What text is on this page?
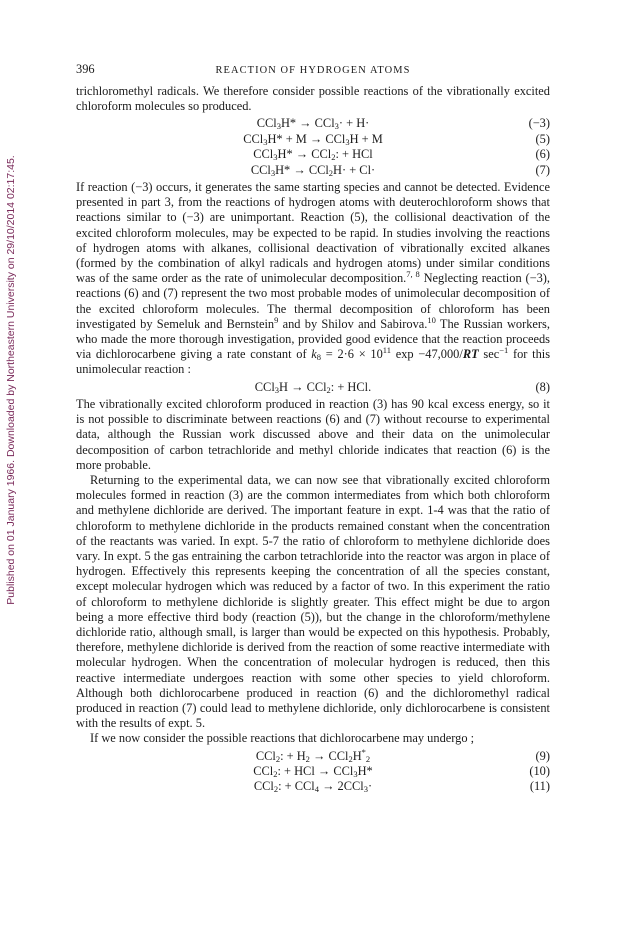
Published on 01 January 1966. Downloaded by Northeastern University on 29/10/2014 02:17:45.
396	REACTION OF HYDROGEN ATOMS

trichloromethyl radicals. We therefore consider possible reactions of the vibrationally excited chloroform molecules so produced.

CCl$_3$H* → CCl$_3$· + H·	(−3)
CCl$_3$H* + M → CCl$_3$H + M	(5)
CCl$_3$H* → CCl$_2$: + HCl	(6)
CCl$_3$H* → CCl$_2$H· + Cl·	(7)

If reaction (−3) occurs, it generates the same starting species and cannot be detected. Evidence presented in part 3, from the reactions of hydrogen atoms with deuterochloroform shows that reactions similar to (−3) are unimportant. Reaction (5), the collisional deactivation of the excited chloroform molecules, may be expected to be rapid. In studies involving the reactions of hydrogen atoms with alkanes, collisional deactivation of vibrationally excited alkanes (formed by the combination of alkyl radicals and hydrogen atoms) under similar conditions was of the same order as the rate of unimolecular decomposition.$^{7, 8}$ Neglecting reaction (−3), reactions (6) and (7) represent the two most probable modes of unimolecular decomposition of the excited chloroform molecules. The thermal decomposition of chloroform has been investigated by Semeluk and Bernstein$^9$ and by Shilov and Sabirova.$^{10}$ The Russian workers, who made the more thorough investigation, provided good evidence that the reaction proceeds via dichlorocarbene giving a rate constant of $k_8 = 2\cdot 6 \times 10^{11}$ exp −47,000/RT $\sec^{-1}$ for this unimolecular reaction :

CCl$_3$H → CCl$_2$: + HCl.	(8)

The vibrationally excited chloroform produced in reaction (3) has 90 kcal excess energy, so it is not possible to discriminate between reactions (6) and (7) without recourse to experimental data, although the Russian work discussed above and their data on the unimolecular decomposition of carbon tetrachloride and methyl chloride indicates that reaction (6) is the more probable.

Returning to the experimental data, we can now see that vibrationally excited chloroform molecules formed in reaction (3) are the common intermediates from which both chloroform and methylene dichloride are derived. The important feature in expt. 1-4 was that the ratio of chloroform to methylene dichloride in the products remained constant when the concentration of the reactants was varied. In expt. 5-7 the ratio of chloroform to methylene dichloride does vary. In expt. 5 the gas entraining the carbon tetrachloride into the reactor was argon in place of hydrogen. Effectively this represents keeping the concentration of all the species constant, except molecular hydrogen which was reduced by a factor of two. In this experiment the ratio of chloroform to methylene dichloride is slightly greater. This effect might be due to argon being a more effective third body (reaction (5)), but the change in the chloroform/methylene dichloride ratio, although small, is larger than would be expected on this hypothesis. Probably, therefore, methylene dichloride is derived from the reaction of some reactive intermediate with molecular hydrogen. When the concentration of molecular hydrogen is reduced, then this reactive intermediate undergoes reaction with some other species to yield chloroform. Although both dichlorocarbene produced in reaction (6) and the dichloromethyl radical produced in reaction (7) could lead to methylene dichloride, only dichlorocarbene is consistent with the results of expt. 5.

If we now consider the possible reactions that dichlorocarbene may undergo ;

CCl$_2$: + $H_2 \to CCl_2H^*_2$	(9)
CCl$_2$: + HCl → CCl$_3$H*	(10)
CCl$_2$: + CCl$_4$ → 2CCl$_3$·	(11)
